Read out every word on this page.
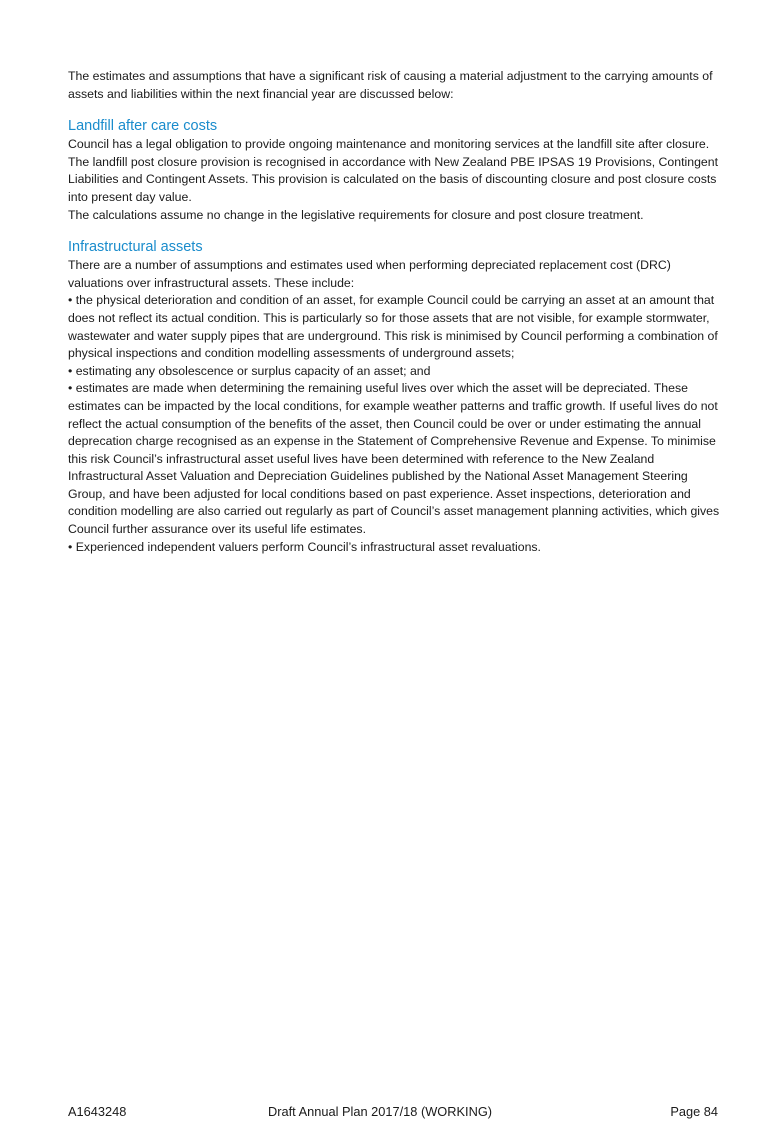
The estimates and assumptions that have a significant risk of causing a material adjustment to the carrying amounts of assets and liabilities within the next financial year are discussed below:

Landfill after care costs

Council has a legal obligation to provide ongoing maintenance and monitoring services at the landfill site after closure.

The landfill post closure provision is recognised in accordance with New Zealand PBE IPSAS 19 Provisions, Contingent Liabilities and Contingent Assets. This provision is calculated on the basis of discounting closure and post closure costs into present day value.

The calculations assume no change in the legislative requirements for closure and post closure treatment.

Infrastructural assets

There are a number of assumptions and estimates used when performing depreciated replacement cost (DRC) valuations over infrastructural assets. These include:

• the physical deterioration and condition of an asset, for example Council could be carrying an asset at an amount that does not reflect its actual condition. This is particularly so for those assets that are not visible, for example stormwater, wastewater and water supply pipes that are underground. This risk is minimised by Council performing a combination of physical inspections and condition modelling assessments of underground assets;

• estimating any obsolescence or surplus capacity of an asset; and

• estimates are made when determining the remaining useful lives over which the asset will be depreciated. These estimates can be impacted by the local conditions, for example weather patterns and traffic growth. If useful lives do not reflect the actual consumption of the benefits of the asset, then Council could be over or under estimating the annual deprecation charge recognised as an expense in the Statement of Comprehensive Revenue and Expense. To minimise this risk Council’s infrastructural asset useful lives have been determined with reference to the New Zealand Infrastructural Asset Valuation and Depreciation Guidelines published by the National Asset Management Steering Group, and have been adjusted for local conditions based on past experience. Asset inspections, deterioration and condition modelling are also carried out regularly as part of Council’s asset management planning activities, which gives Council further assurance over its useful life estimates.

• Experienced independent valuers perform Council’s infrastructural asset revaluations.

A1643248	Draft Annual Plan 2017/18 (WORKING)	Page 84
